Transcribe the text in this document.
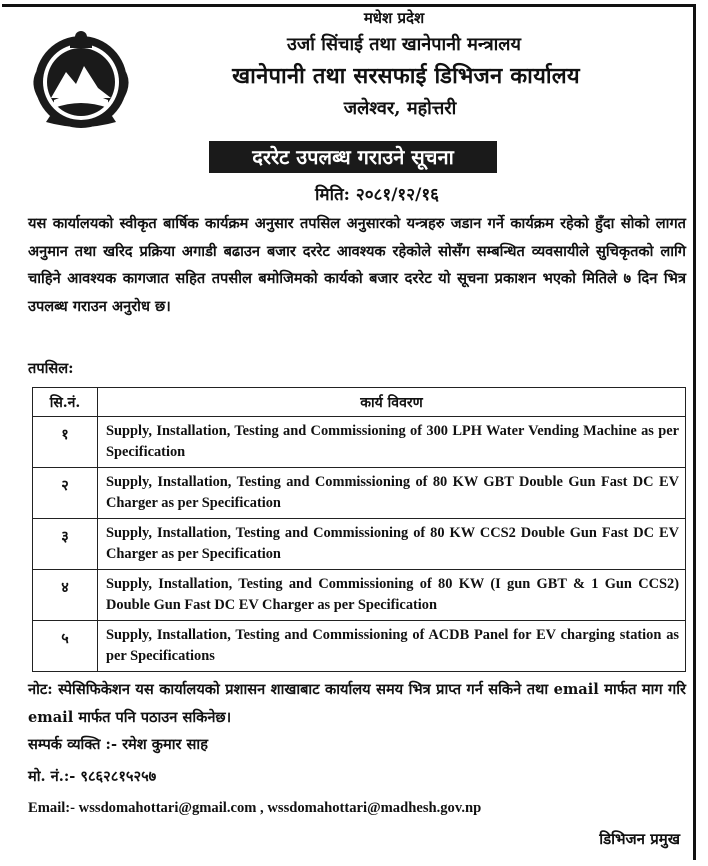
मधेश प्रदेश
उर्जा सिंचाई तथा खानेपानी मन्त्रालय
खानेपानी तथा सरसफाई डिभिजन कार्यालय
जलेश्वर, महोत्तरी
दररेट उपलब्ध गराउने सूचना
मिति: २०८१/१२/१६
यस कार्यालयको स्वीकृत बार्षिक कार्यक्रम अनुसार तपसिल अनुसारको यन्त्रहरु जडान गर्ने कार्यक्रम रहेको हुँदा सोको लागत अनुमान तथा खरिद प्रक्रिया अगाडी बढाउन बजार दररेट आवश्यक रहेकोले सोसँग सम्बन्धित व्यवसायीले सुचिकृतको लागि चाहिने आवश्यक कागजात सहित तपसील बमोजिमको कार्यको बजार दररेट यो सूचना प्रकाशन भएको मितिले ७ दिन भित्र उपलब्ध गराउन अनुरोध छ।
तपसिल:
सि.नं.	कार्य विवरण
१	Supply, Installation, Testing and Commissioning of 300 LPH Water Vending Machine as per Specification
२	Supply, Installation, Testing and Commissioning of 80 KW GBT Double Gun Fast DC EV Charger as per Specification
३	Supply, Installation, Testing and Commissioning of 80 KW CCS2 Double Gun Fast DC EV Charger as per Specification
४	Supply, Installation, Testing and Commissioning of 80 KW (I gun GBT & 1 Gun CCS2) Double Gun Fast DC EV Charger as per Specification
५	Supply, Installation, Testing and Commissioning of ACDB Panel for EV charging station as per Specifications
नोट: स्पेसिफिकेशन यस कार्यालयको प्रशासन शाखाबाट कार्यालय समय भित्र प्राप्त गर्न सकिने तथा email मार्फत माग गरि email मार्फत पनि पठाउन सकिनेछ।
सम्पर्क व्यक्ति :- रमेश कुमार साह
मो. नं.:- ९८६२८१५२५७
Email:- wssdomahottari@gmail.com , wssdomahottari@madhesh.gov.np
डिभिजन प्रमुख
